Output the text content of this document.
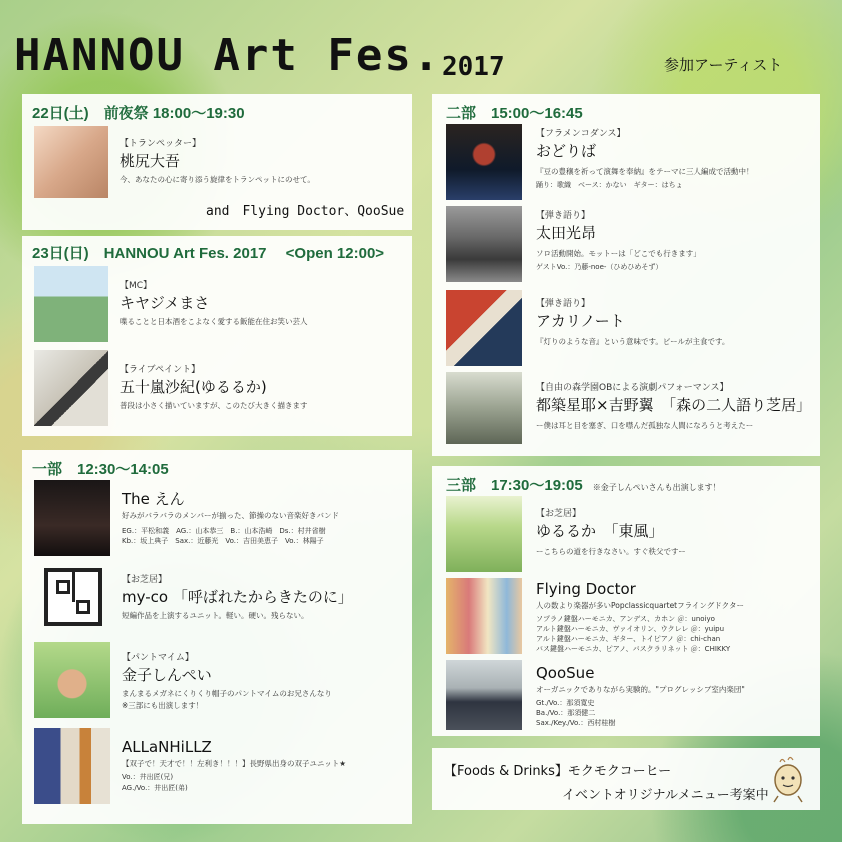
HANNOU Art Fes. 2017	参加アーティスト
22日(土)　前夜祭 18:00〜19:30
【トランペッター】
桃尻大吾
今、あなたの心に寄り添う旋律をトランペットにのせて。
and　Flying Doctor、QooSue
23日(日)　HANNOU Art Fes. 2017　 <Open 12:00>
【MC】
キヤジメまさ
喋ることと日本酒をこよなく愛する飯能在住お笑い芸人
【ライブペイント】
五十嵐沙紀(ゆるるか)
普段は小さく描いていますが、このたび大きく描きます
一部　12:30〜14:05
The えん
好みがバラバラのメンバーが揃った、節操のない音楽好きバンド
EG.：平松和義　AG.：山本恭三　B.：山本浩崎　Ds.：村井省樹
Kb.：坂上典子　Sax.：近藤光　Vo.：吉田美恵子　Vo.：林陽子
【お芝居】
my-co 「呼ばれたからきたのに」
短編作品を上演するユニット。軽い。硬い。残らない。
【パントマイム】
金子しんぺい
まんまるメガネにくりくり帽子のパントマイムのお兄さんなり
※三部にも出演します！
ALLaNHiLLZ
【双子で！天才で！！左利き！！！】長野県出身の双子ユニット★
Vo.：井出匠(兄)
AG./Vo.：井出匠(弟)
二部　15:00〜16:45
【フラメンコダンス】
おどりば
『豆の豊穣を祈って演舞を奉納』をテーマに三人編成で活動中！
踊り：歌織　ベース：かない　ギター：はちょ
【弾き語り】
太田光昂
ソロ活動開始。モットーは「どこでも行きます」
ゲストVo.：乃藤-noe-（ひめひめそず）
【弾き語り】
アカリノート
『灯りのような音』という意味です。ビールが主食です。
【自由の森学園OBによる演劇パフォーマンス】
都築星耶×吉野翼　「森の二人語り芝居」
ー僕は耳と目を塞ぎ、口を噤んだ孤独な人間になろうと考えたー
三部　17:30〜19:05 ※金子しんぺいさんも出演します！
【お芝居】
ゆるるか　「東風」
ーこちらの道を行きなさい。すぐ秩父ですー
Flying Doctor
人の数より楽器が多いPopclassicquartetフライングドクター
ソプラノ鍵盤ハーモニカ、アンデス、カホン ＠：unoiyo
アルト鍵盤ハーモニカ、ヴァイオリン、ウクレレ ＠：yuipu
アルト鍵盤ハーモニカ、ギター、トイピアノ ＠：chi-chan
バス鍵盤ハーモニカ、ピアノ、バスクラリネット ＠：CHIKKY
QooSue
オーガニックでありながら実験的。"プログレッシブ室内楽団"
Gt./Vo.：那須寛史
Ba./Vo.：那須健二
Sax./Key./Vo.：西村桂樹
【Foods & Drinks】モクモクコーヒー
イベントオリジナルメニュー考案中
